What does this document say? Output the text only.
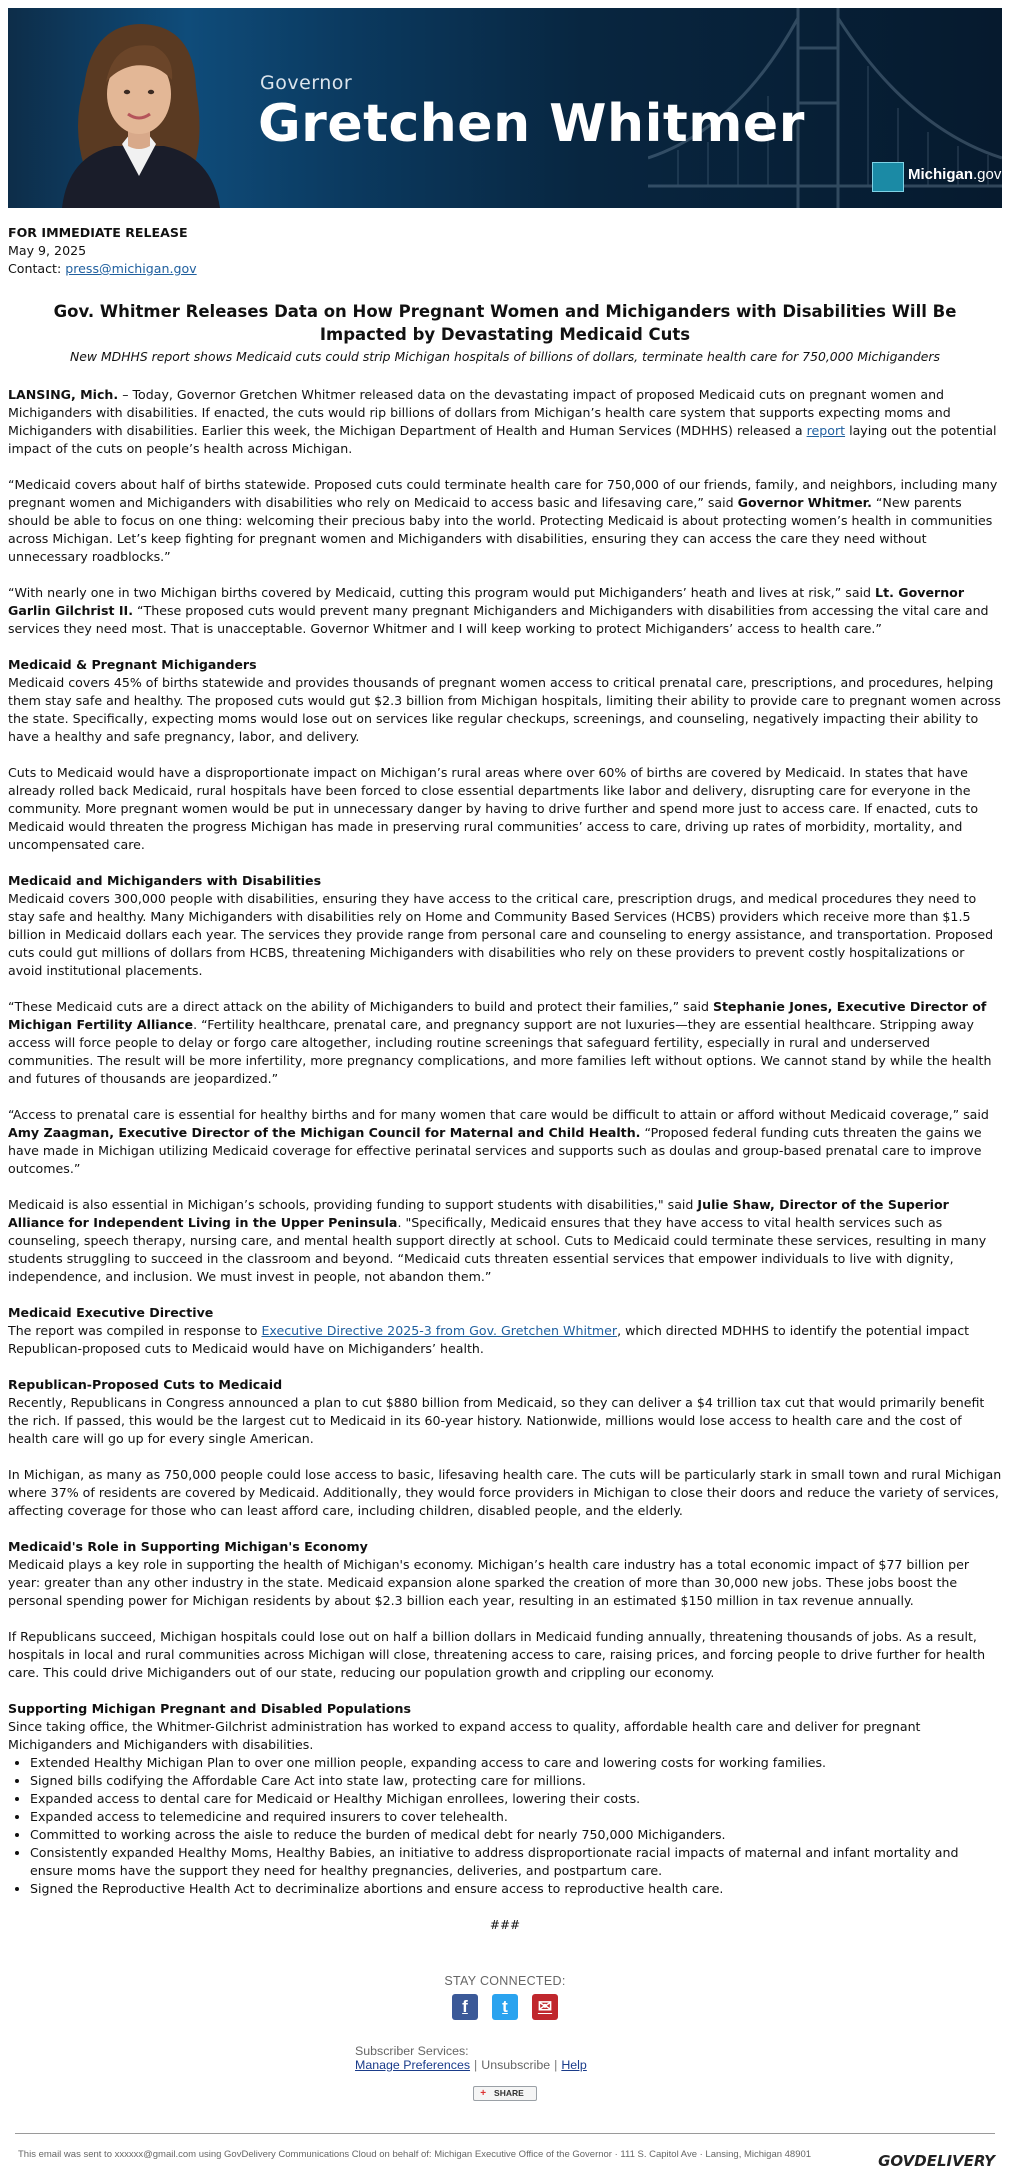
Governor
Gretchen Whitmer
Michigan.gov
FOR IMMEDIATE RELEASE
May 9, 2025
Contact: press@michigan.gov
Gov. Whitmer Releases Data on How Pregnant Women and Michiganders with Disabilities Will Be Impacted by Devastating Medicaid Cuts
New MDHHS report shows Medicaid cuts could strip Michigan hospitals of billions of dollars, terminate health care for 750,000 Michiganders

LANSING, Mich. – Today, Governor Gretchen Whitmer released data on the devastating impact of proposed Medicaid cuts on pregnant women and Michiganders with disabilities. If enacted, the cuts would rip billions of dollars from Michigan’s health care system that supports expecting moms and Michiganders with disabilities. Earlier this week, the Michigan Department of Health and Human Services (MDHHS) released a report laying out the potential impact of the cuts on people’s health across Michigan.

“Medicaid covers about half of births statewide. Proposed cuts could terminate health care for 750,000 of our friends, family, and neighbors, including many pregnant women and Michiganders with disabilities who rely on Medicaid to access basic and lifesaving care,” said Governor Whitmer. “New parents should be able to focus on one thing: welcoming their precious baby into the world. Protecting Medicaid is about protecting women’s health in communities across Michigan. Let’s keep fighting for pregnant women and Michiganders with disabilities, ensuring they can access the care they need without unnecessary roadblocks.”

“With nearly one in two Michigan births covered by Medicaid, cutting this program would put Michiganders’ heath and lives at risk,” said Lt. Governor Garlin Gilchrist II. “These proposed cuts would prevent many pregnant Michiganders and Michiganders with disabilities from accessing the vital care and services they need most. That is unacceptable. Governor Whitmer and I will keep working to protect Michiganders’ access to health care.”

Medicaid & Pregnant Michiganders

Medicaid covers 45% of births statewide and provides thousands of pregnant women access to critical prenatal care, prescriptions, and procedures, helping them stay safe and healthy. The proposed cuts would gut $2.3 billion from Michigan hospitals, limiting their ability to provide care to pregnant women across the state. Specifically, expecting moms would lose out on services like regular checkups, screenings, and counseling, negatively impacting their ability to have a healthy and safe pregnancy, labor, and delivery.

Cuts to Medicaid would have a disproportionate impact on Michigan’s rural areas where over 60% of births are covered by Medicaid. In states that have already rolled back Medicaid, rural hospitals have been forced to close essential departments like labor and delivery, disrupting care for everyone in the community. More pregnant women would be put in unnecessary danger by having to drive further and spend more just to access care. If enacted, cuts to Medicaid would threaten the progress Michigan has made in preserving rural communities’ access to care, driving up rates of morbidity, mortality, and uncompensated care.

Medicaid and Michiganders with Disabilities

Medicaid covers 300,000 people with disabilities, ensuring they have access to the critical care, prescription drugs, and medical procedures they need to stay safe and healthy. Many Michiganders with disabilities rely on Home and Community Based Services (HCBS) providers which receive more than $1.5 billion in Medicaid dollars each year. The services they provide range from personal care and counseling to energy assistance, and transportation. Proposed cuts could gut millions of dollars from HCBS, threatening Michiganders with disabilities who rely on these providers to prevent costly hospitalizations or avoid institutional placements.

“These Medicaid cuts are a direct attack on the ability of Michiganders to build and protect their families,” said Stephanie Jones, Executive Director of Michigan Fertility Alliance. “Fertility healthcare, prenatal care, and pregnancy support are not luxuries—they are essential healthcare. Stripping away access will force people to delay or forgo care altogether, including routine screenings that safeguard fertility, especially in rural and underserved communities. The result will be more infertility, more pregnancy complications, and more families left without options. We cannot stand by while the health and futures of thousands are jeopardized.”

“Access to prenatal care is essential for healthy births and for many women that care would be difficult to attain or afford without Medicaid coverage,” said Amy Zaagman, Executive Director of the Michigan Council for Maternal and Child Health. “Proposed federal funding cuts threaten the gains we have made in Michigan utilizing Medicaid coverage for effective perinatal services and supports such as doulas and group-based prenatal care to improve outcomes.”

Medicaid is also essential in Michigan’s schools, providing funding to support students with disabilities," said Julie Shaw, Director of the Superior Alliance for Independent Living in the Upper Peninsula. "Specifically, Medicaid ensures that they have access to vital health services such as counseling, speech therapy, nursing care, and mental health support directly at school. Cuts to Medicaid could terminate these services, resulting in many students struggling to succeed in the classroom and beyond. “Medicaid cuts threaten essential services that empower individuals to live with dignity, independence, and inclusion. We must invest in people, not abandon them.”

Medicaid Executive Directive

The report was compiled in response to Executive Directive 2025-3 from Gov. Gretchen Whitmer, which directed MDHHS to identify the potential impact Republican-proposed cuts to Medicaid would have on Michiganders’ health.

Republican-Proposed Cuts to Medicaid

Recently, Republicans in Congress announced a plan to cut $880 billion from Medicaid, so they can deliver a $4 trillion tax cut that would primarily benefit the rich. If passed, this would be the largest cut to Medicaid in its 60-year history. Nationwide, millions would lose access to health care and the cost of health care will go up for every single American.

In Michigan, as many as 750,000 people could lose access to basic, lifesaving health care. The cuts will be particularly stark in small town and rural Michigan where 37% of residents are covered by Medicaid. Additionally, they would force providers in Michigan to close their doors and reduce the variety of services, affecting coverage for those who can least afford care, including children, disabled people, and the elderly.

Medicaid's Role in Supporting Michigan's Economy

Medicaid plays a key role in supporting the health of Michigan's economy. Michigan’s health care industry has a total economic impact of $77 billion per year: greater than any other industry in the state. Medicaid expansion alone sparked the creation of more than 30,000 new jobs. These jobs boost the personal spending power for Michigan residents by about $2.3 billion each year, resulting in an estimated $150 million in tax revenue annually.

If Republicans succeed, Michigan hospitals could lose out on half a billion dollars in Medicaid funding annually, threatening thousands of jobs. As a result, hospitals in local and rural communities across Michigan will close, threatening access to care, raising prices, and forcing people to drive further for health care. This could drive Michiganders out of our state, reducing our population growth and crippling our economy.

Supporting Michigan Pregnant and Disabled Populations
Since taking office, the Whitmer-Gilchrist administration has worked to expand access to quality, affordable health care and deliver for pregnant Michiganders and Michiganders with disabilities.
• Extended Healthy Michigan Plan to over one million people, expanding access to care and lowering costs for working families.
• Signed bills codifying the Affordable Care Act into state law, protecting care for millions.
• Expanded access to dental care for Medicaid or Healthy Michigan enrollees, lowering their costs.
• Expanded access to telemedicine and required insurers to cover telehealth.
• Committed to working across the aisle to reduce the burden of medical debt for nearly 750,000 Michiganders.
• Consistently expanded Healthy Moms, Healthy Babies, an initiative to address disproportionate racial impacts of maternal and infant mortality and ensure moms have the support they need for healthy pregnancies, deliveries, and postpartum care.
• Signed the Reproductive Health Act to decriminalize abortions and ensure access to reproductive health care.
###
STAY CONNECTED:
f	t	✉
Subscriber Services:
Manage Preferences | Unsubscribe | Help
+ SHARE
This email was sent to xxxxxx@gmail.com using GovDelivery Communications Cloud on behalf of: Michigan Executive Office of the Governor · 111 S. Capitol Ave · Lansing, Michigan 48901	GOVDELIVERY
